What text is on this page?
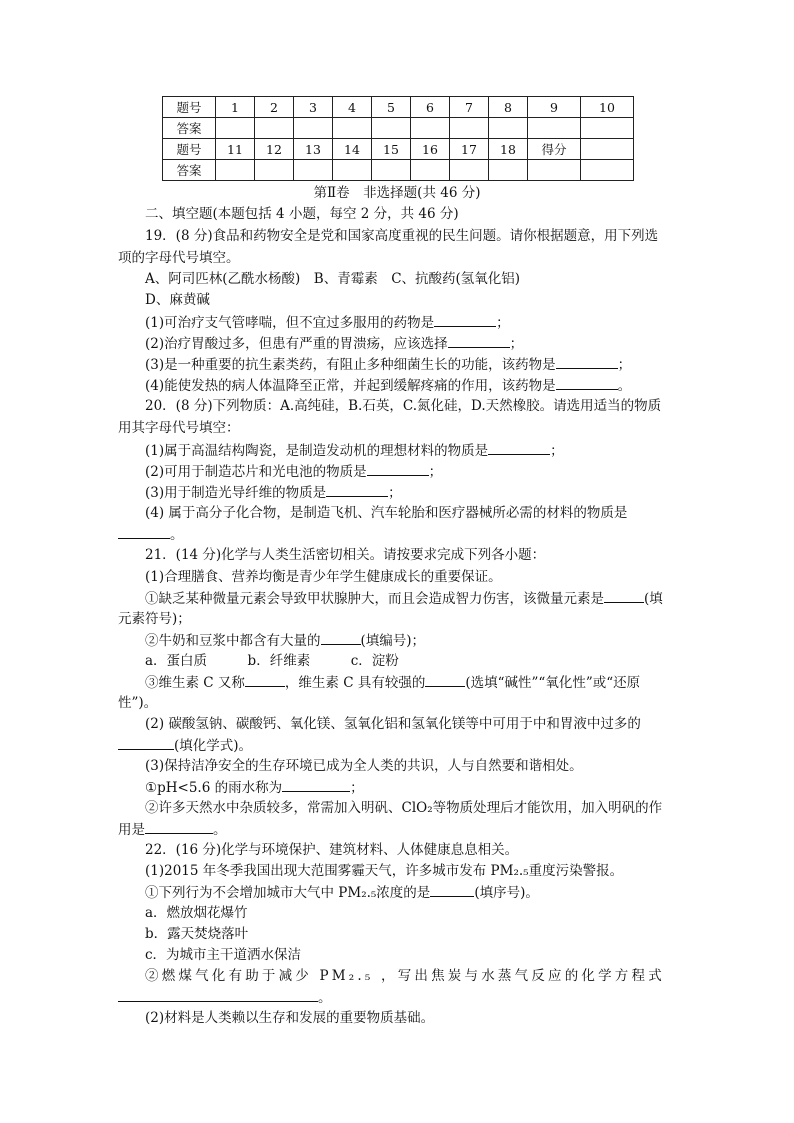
题号	1	2	3	4	5	6	7	8	9	10
答案										
题号	11	12	13	14	15	16	17	18	得分	
答案										
第Ⅱ卷　非选择题(共 46 分)
二、填空题(本题包括 4 小题，每空 2 分，共 46 分)
19．(8 分)食品和药物安全是党和国家高度重视的民生问题。请你根据题意，用下列选
项的字母代号填空。
A、阿司匹林(乙酰水杨酸)　B、青霉素　C、抗酸药(氢氧化铝)
D、麻黄碱
(1)可治疗支气管哮喘，但不宜过多服用的药物是	；
(2)治疗胃酸过多，但患有严重的胃溃疡，应该选择	；
(3)是一种重要的抗生素类药，有阻止多种细菌生长的功能，该药物是	；
(4)能使发热的病人体温降至正常，并起到缓解疼痛的作用，该药物是	。
20．(8 分)下列物质：A.高纯硅，B.石英，C.氮化硅，D.天然橡胶。请选用适当的物质
用其字母代号填空：
(1)属于高温结构陶瓷，是制造发动机的理想材料的物质是	；
(2)可用于制造芯片和光电池的物质是	；
(3)用于制造光导纤维的物质是	；
(4) 属于高分子化合物，是制造飞机、汽车轮胎和医疗器械所必需的材料的物质是
。
21．(14 分)化学与人类生活密切相关。请按要求完成下列各小题：
(1)合理膳食、营养均衡是青少年学生健康成长的重要保证。
①缺乏某种微量元素会导致甲状腺肿大，而且会造成智力伤害，该微量元素是	(填
元素符号)；
②牛奶和豆浆中都含有大量的	(填编号)；
a．蛋白质　　　b．纤维素　　　c．淀粉
③维生素 C 又称	，维生素 C 具有较强的	(选填“碱性”“氧化性”或“还原
性”)。
(2) 碳酸氢钠、碳酸钙、氧化镁、氢氧化铝和氢氧化镁等中可用于中和胃液中过多的
(填化学式)。
(3)保持洁净安全的生存环境已成为全人类的共识，人与自然要和谐相处。
①pH<5.6 的雨水称为	；
②许多天然水中杂质较多，常需加入明矾、ClO₂等物质处理后才能饮用，加入明矾的作
用是	。
22．(16 分)化学与环境保护、建筑材料、人体健康息息相关。
(1)2015 年冬季我国出现大范围雾霾天气，许多城市发布 PM₂.₅重度污染警报。
①下列行为不会增加城市大气中 PM₂.₅浓度的是	(填序号)。
a．燃放烟花爆竹
b．露天焚烧落叶
c．为城市主干道洒水保洁
②燃煤气化有助于减少 PM₂.₅ ，写出焦炭与水蒸气反应的化学方程式
。
(2)材料是人类赖以生存和发展的重要物质基础。
